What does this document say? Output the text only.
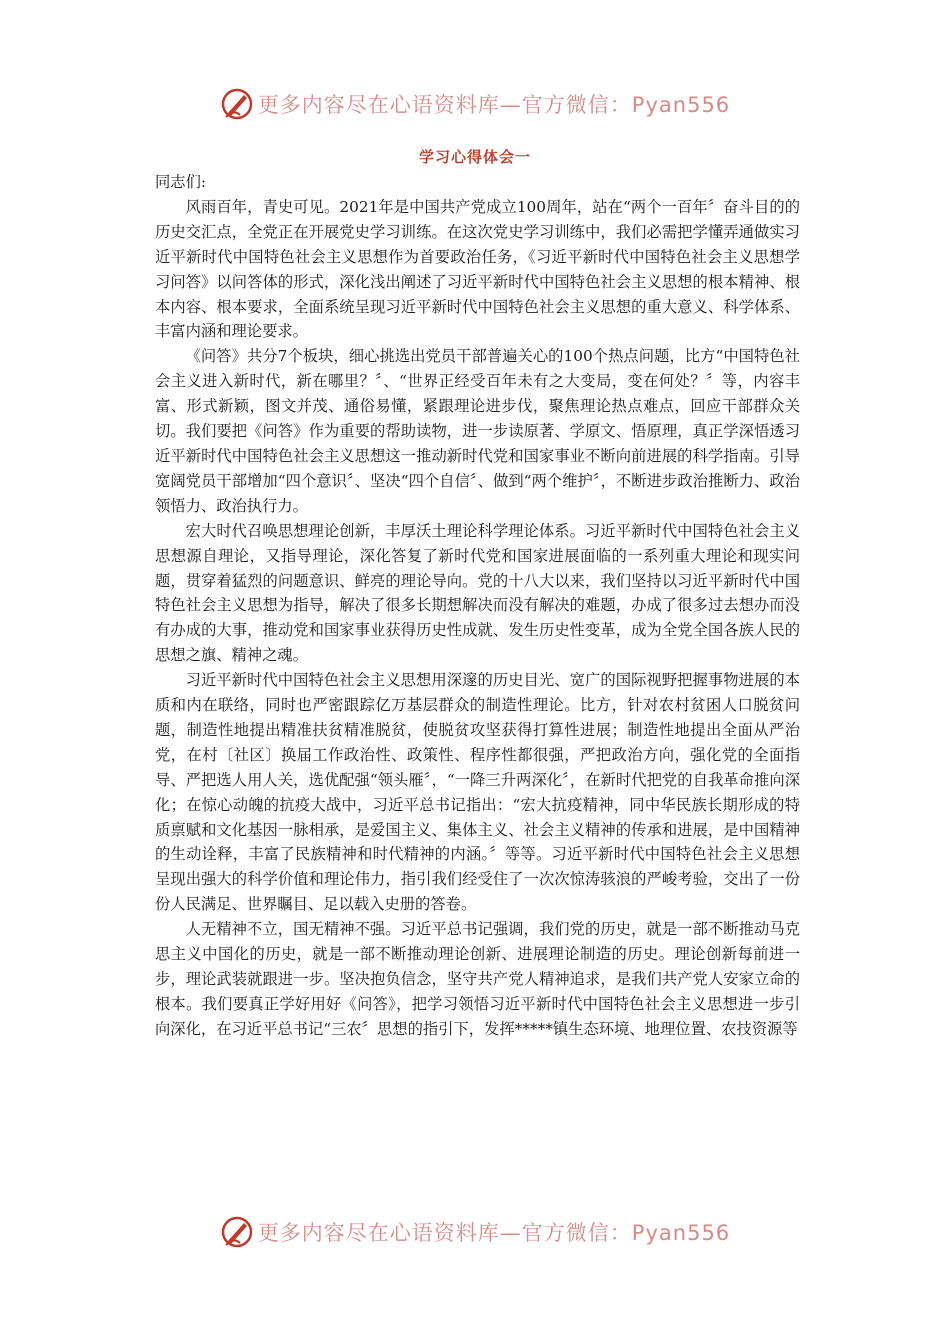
更多内容尽在心语资料库—官方微信：Pyan556
学习心得体会一

同志们:

风雨百年，青史可见。2021年是中国共产党成立100周年，站在“两个一百年〞奋斗目的的历史交汇点，全党正在开展党史学习训练。在这次党史学习训练中，我们必需把学懂弄通做实习近平新时代中国特色社会主义思想作为首要政治任务，《习近平新时代中国特色社会主义思想学习问答》以问答体的形式，深化浅出阐述了习近平新时代中国特色社会主义思想的根本精神、根本内容、根本要求，全面系统呈现习近平新时代中国特色社会主义思想的重大意义、科学体系、丰富内涵和理论要求。

《问答》共分7个板块，细心挑选出党员干部普遍关心的100个热点问题，比方“中国特色社会主义进入新时代，新在哪里？〞、“世界正经受百年未有之大变局，变在何处？〞等，内容丰富、形式新颖，图文并茂、通俗易懂，紧跟理论进步伐，聚焦理论热点难点，回应干部群众关切。我们要把《问答》作为重要的帮助读物，进一步读原著、学原文、悟原理，真正学深悟透习近平新时代中国特色社会主义思想这一推动新时代党和国家事业不断向前进展的科学指南。引导宽阔党员干部增加“四个意识〞、坚决“四个自信〞、做到“两个维护〞，不断进步政治推断力、政治领悟力、政治执行力。

宏大时代召唤思想理论创新，丰厚沃土理论科学理论体系。习近平新时代中国特色社会主义思想源自理论，又指导理论，深化答复了新时代党和国家进展面临的一系列重大理论和现实问题，贯穿着猛烈的问题意识、鲜亮的理论导向。党的十八大以来，我们坚持以习近平新时代中国特色社会主义思想为指导，解决了很多长期想解决而没有解决的难题，办成了很多过去想办而没有办成的大事，推动党和国家事业获得历史性成就、发生历史性变革，成为全党全国各族人民的思想之旗、精神之魂。

习近平新时代中国特色社会主义思想用深邃的历史目光、宽广的国际视野把握事物进展的本质和内在联络，同时也严密跟踪亿万基层群众的制造性理论。比方，针对农村贫困人口脱贫问题，制造性地提出精准扶贫精准脱贫，使脱贫攻坚获得打算性进展；制造性地提出全面从严治党，在村〔社区〕换届工作政治性、政策性、程序性都很强，严把政治方向，强化党的全面指导、严把选人用人关，选优配强“领头雁〞，“一降三升两深化〞，在新时代把党的自我革命推向深化；在惊心动魄的抗疫大战中，习近平总书记指出：“宏大抗疫精神，同中华民族长期形成的特质禀赋和文化基因一脉相承，是爱国主义、集体主义、社会主义精神的传承和进展，是中国精神的生动诠释，丰富了民族精神和时代精神的内涵。〞等等。习近平新时代中国特色社会主义思想呈现出强大的科学价值和理论伟力，指引我们经受住了一次次惊涛骇浪的严峻考验，交出了一份份人民满足、世界瞩目、足以载入史册的答卷。

人无精神不立，国无精神不强。习近平总书记强调，我们党的历史，就是一部不断推动马克思主义中国化的历史，就是一部不断推动理论创新、进展理论制造的历史。理论创新每前进一步，理论武装就跟进一步。坚决抱负信念，坚守共产党人精神追求，是我们共产党人安家立命的根本。我们要真正学好用好《问答》，把学习领悟习近平新时代中国特色社会主义思想进一步引向深化，在习近平总书记“三农〞思想的指引下，发挥*****镇生态环境、地理位置、农技资源等

更多内容尽在心语资料库—官方微信：Pyan556
